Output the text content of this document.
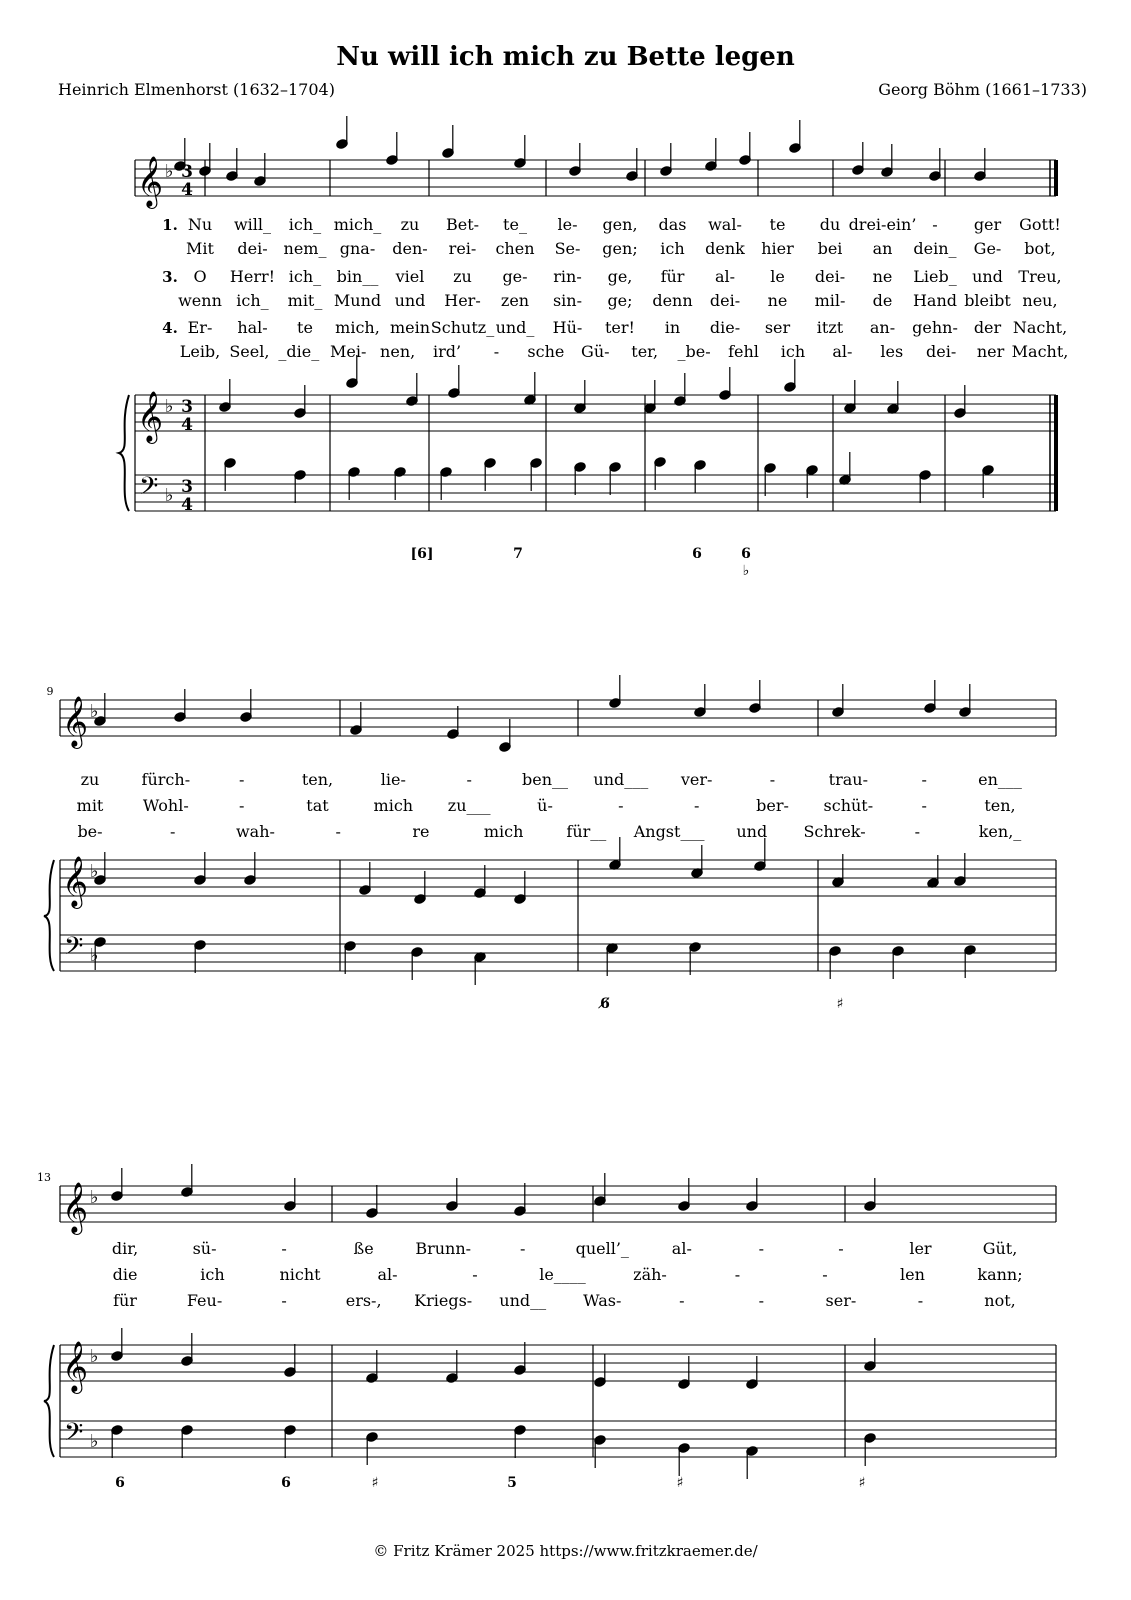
Nu will ich mich zu Bette legen
Heinrich Elmenhorst (1632–1704)	Georg Böhm (1661–1733)
𝄞 ♭ 3
4
𝄞 ♭ 3
4
𝄢 ♭ 3
4
1.
3.
4.
Nu will_ ich_ mich_ zu Bet- te_ le- gen, das wal- te du drei-ein’ - ger Gott!
Mit dei- nem_ gna- den- rei- chen Se- gen; ich denk hier bei an dein_ Ge- bot,
O Herr! ich_ bin__ viel zu ge- rin- ge, für al- le dei- ne Lieb_ und Treu,
wenn ich_ mit_ Mund und Her- zen sin- ge; denn dei- ne mil- de Hand bleibt neu,
Er- hal- te mich, mein Schutz_ und_ Hü- ter! in die- ser itzt an- gehn- der Nacht,
Leib, Seel, _die_ Mei- nen, ird’ - sche Gü- ter, _be- fehl ich al- les dei- ner Macht,
[6]	7	6	6
♭
𝄞 ♭
𝄞 ♭
𝄢 ♭
9
zu	fürch-	-	ten,	lie-	-	ben__ und___ ver-	-	trau-	-	en___
mit Wohl-	-	tat	mich zu___	ü-	-	-	ber- schüt-	-	ten,
be-	-	wah-	-	re	mich	für__ Angst___ und Schrek-	-	ken,_
6̸	♯
𝄞 ♭
𝄞 ♭
𝄢 ♭
13
dir,	sü-	-	ße	Brunn-	-	quell’_	al-	-	-	ler	Güt,
die	ich	nicht	al-	-	le____	zäh-	-	-	len	kann;
für	Feu-	-	ers-, Kriegs- und__ Was-	-	-	ser-	-	not,
6	6	♯	5	♯	♯
© Fritz Krämer 2025 https://www.fritzkraemer.de/
